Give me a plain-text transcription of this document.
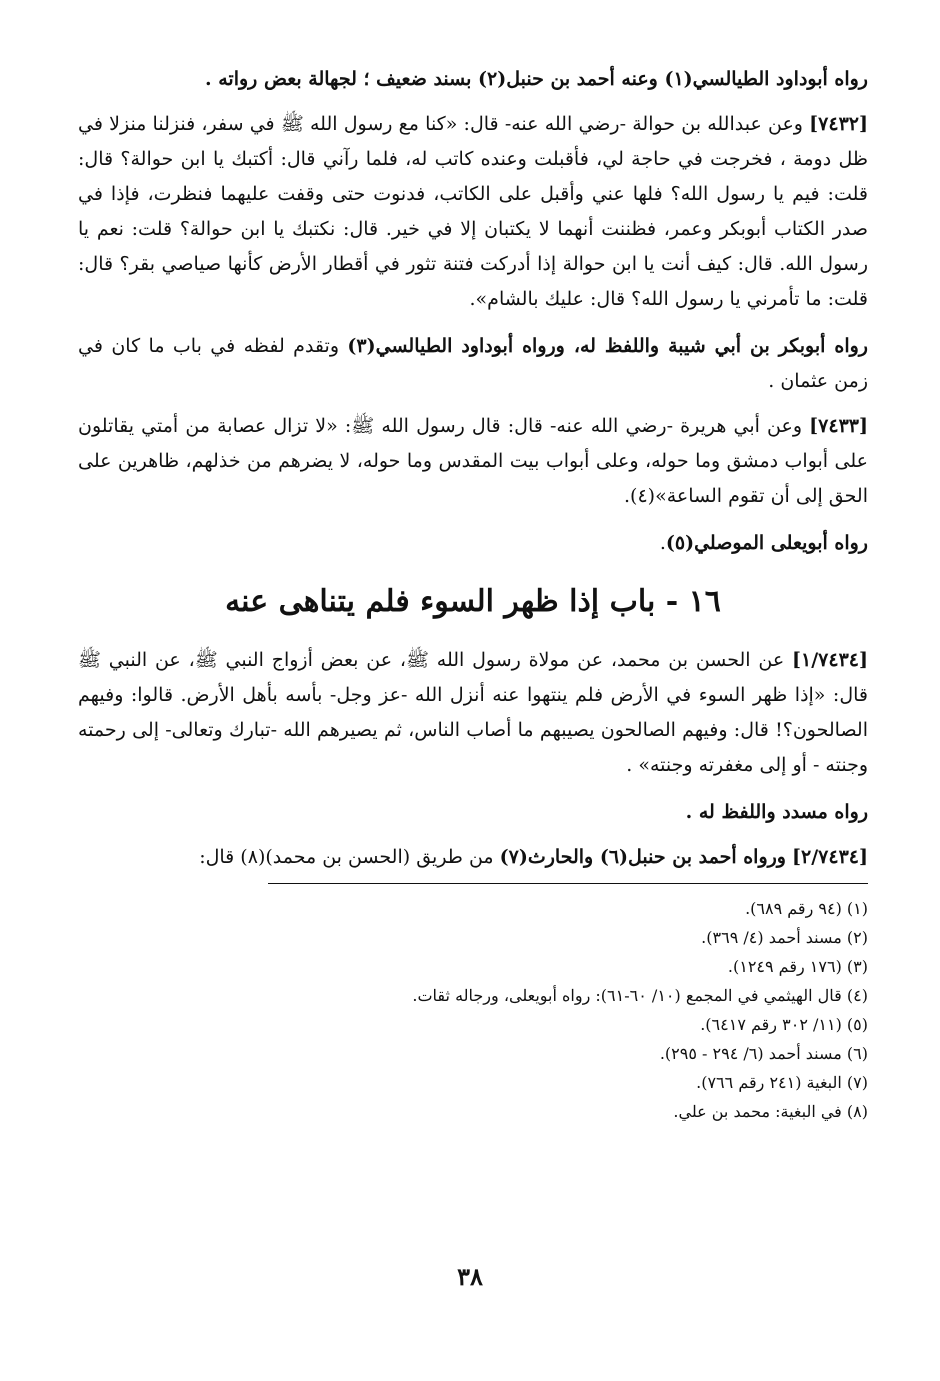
رواه أبوداود الطيالسي(١) وعنه أحمد بن حنبل(٢) بسند ضعيف ؛ لجهالة بعض رواته .

[٧٤٣٢] وعن عبدالله بن حوالة -رضي الله عنه- قال: «كنا مع رسول الله ﷺ في سفر، فنزلنا منزلا في ظل دومة ، فخرجت في حاجة لي، فأقبلت وعنده كاتب له، فلما رآني قال: أكتبك يا ابن حوالة؟ قال: قلت: فيم يا رسول الله؟ فلها عني وأقبل على الكاتب، فدنوت حتى وقفت عليهما فنظرت، فإذا في صدر الكتاب أبوبكر وعمر، فظننت أنهما لا يكتبان إلا في خير. قال: نكتبك يا ابن حوالة؟ قلت: نعم يا رسول الله. قال: كيف أنت يا ابن حوالة إذا أدركت فتنة تثور في أقطار الأرض كأنها صياصي بقر؟ قال: قلت: ما تأمرني يا رسول الله؟ قال: عليك بالشام».

رواه أبوبكر بن أبي شيبة واللفظ له، ورواه أبوداود الطيالسي(٣) وتقدم لفظه في باب ما كان في زمن عثمان .

[٧٤٣٣] وعن أبي هريرة -رضي الله عنه- قال: قال رسول الله ﷺ: «لا تزال عصابة من أمتي يقاتلون على أبواب دمشق وما حوله، وعلى أبواب بيت المقدس وما حوله، لا يضرهم من خذلهم، ظاهرين على الحق إلى أن تقوم الساعة»(٤).

رواه أبويعلى الموصلي(٥).

١٦ - باب إذا ظهر السوء فلم يتناهى عنه

[١/٧٤٣٤] عن الحسن بن محمد، عن مولاة رسول الله ﷺ، عن بعض أزواج النبي ﷺ، عن النبي ﷺ قال: «إذا ظهر السوء في الأرض فلم ينتهوا عنه أنزل الله -عز وجل- بأسه بأهل الأرض. قالوا: وفيهم الصالحون؟! قال: وفيهم الصالحون يصيبهم ما أصاب الناس، ثم يصيرهم الله -تبارك وتعالى- إلى رحمته وجنته - أو إلى مغفرته وجنته» .

رواه مسدد واللفظ له .

[٢/٧٤٣٤] ورواه أحمد بن حنبل(٦) والحارث(٧) من طريق (الحسن بن محمد)(٨) قال:

(١) (٩٤ رقم ٦٨٩).
(٢) مسند أحمد (٤/ ٣٦٩).
(٣) (١٧٦ رقم ١٢٤٩).
(٤) قال الهيثمي في المجمع (١٠/ ٦٠-٦١): رواه أبويعلى، ورجاله ثقات.
(٥) (١١/ ٣٠٢ رقم ٦٤١٧).
(٦) مسند أحمد (٦/ ٢٩٤ - ٢٩٥).
(٧) البغية (٢٤١ رقم ٧٦٦).
(٨) في البغية: محمد بن علي.
٣٨
